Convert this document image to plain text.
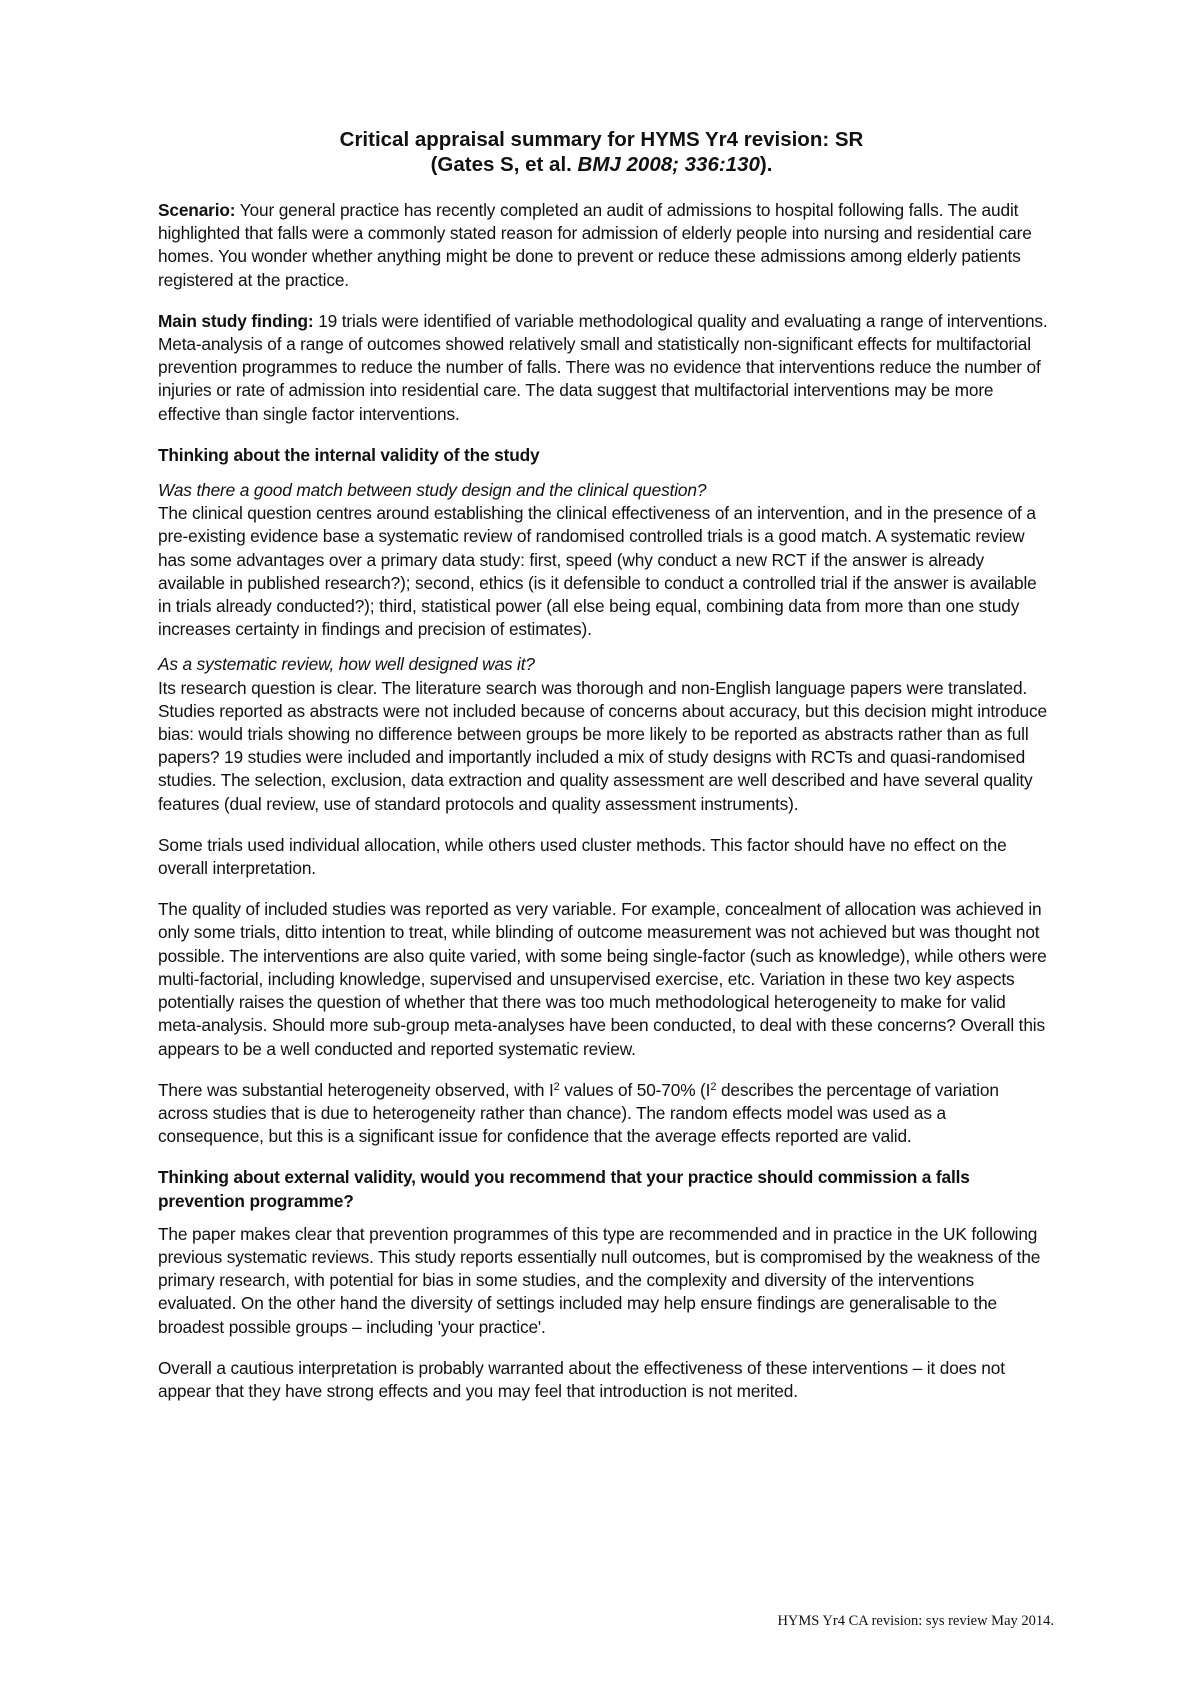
Critical appraisal summary for HYMS Yr4 revision: SR
(Gates S, et al. BMJ 2008; 336:130).

Scenario: Your general practice has recently completed an audit of admissions to hospital following falls. The audit highlighted that falls were a commonly stated reason for admission of elderly people into nursing and residential care homes. You wonder whether anything might be done to prevent or reduce these admissions among elderly patients registered at the practice.

Main study finding: 19 trials were identified of variable methodological quality and evaluating a range of interventions. Meta-analysis of a range of outcomes showed relatively small and statistically non-significant effects for multifactorial prevention programmes to reduce the number of falls. There was no evidence that interventions reduce the number of injuries or rate of admission into residential care. The data suggest that multifactorial interventions may be more effective than single factor interventions.

Thinking about the internal validity of the study

Was there a good match between study design and the clinical question?

The clinical question centres around establishing the clinical effectiveness of an intervention, and in the presence of a pre-existing evidence base a systematic review of randomised controlled trials is a good match. A systematic review has some advantages over a primary data study: first, speed (why conduct a new RCT if the answer is already available in published research?); second, ethics (is it defensible to conduct a controlled trial if the answer is available in trials already conducted?); third, statistical power (all else being equal, combining data from more than one study increases certainty in findings and precision of estimates).

As a systematic review, how well designed was it?

Its research question is clear. The literature search was thorough and non-English language papers were translated. Studies reported as abstracts were not included because of concerns about accuracy, but this decision might introduce bias: would trials showing no difference between groups be more likely to be reported as abstracts rather than as full papers? 19 studies were included and importantly included a mix of study designs with RCTs and quasi-randomised studies. The selection, exclusion, data extraction and quality assessment are well described and have several quality features (dual review, use of standard protocols and quality assessment instruments).

Some trials used individual allocation, while others used cluster methods. This factor should have no effect on the overall interpretation.

The quality of included studies was reported as very variable. For example, concealment of allocation was achieved in only some trials, ditto intention to treat, while blinding of outcome measurement was not achieved but was thought not possible. The interventions are also quite varied, with some being single-factor (such as knowledge), while others were multi-factorial, including knowledge, supervised and unsupervised exercise, etc. Variation in these two key aspects potentially raises the question of whether that there was too much methodological heterogeneity to make for valid meta-analysis. Should more sub-group meta-analyses have been conducted, to deal with these concerns? Overall this appears to be a well conducted and reported systematic review.

There was substantial heterogeneity observed, with $I^2$ values of 50-70% ($I^2$ describes the percentage of variation across studies that is due to heterogeneity rather than chance). The random effects model was used as a consequence, but this is a significant issue for confidence that the average effects reported are valid.

Thinking about external validity, would you recommend that your practice should commission a falls prevention programme?

The paper makes clear that prevention programmes of this type are recommended and in practice in the UK following previous systematic reviews. This study reports essentially null outcomes, but is compromised by the weakness of the primary research, with potential for bias in some studies, and the complexity and diversity of the interventions evaluated. On the other hand the diversity of settings included may help ensure findings are generalisable to the broadest possible groups – including 'your practice'.

Overall a cautious interpretation is probably warranted about the effectiveness of these interventions – it does not appear that they have strong effects and you may feel that introduction is not merited.

HYMS Yr4 CA revision: sys review May 2014.
